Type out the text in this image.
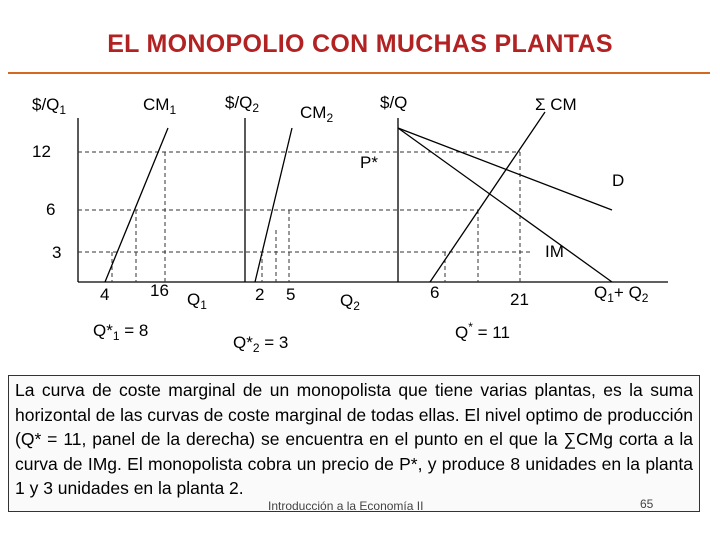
EL MONOPOLIO CON MUCHAS PLANTAS
$\$/Q_1$	$CM_1$
4 16 $Q_1$
$Q*_1 = 8$
$\$/Q_2$ $CM_2$
2 5	$Q_2$
$Q*_2 = 3$
$/Q	Σ CM
P*
D
IM
6	21	$Q_1+ Q_2$
Q* = 11
12
6
3
La curva de coste marginal de un monopolista que tiene varias plantas, es la suma horizontal de las curvas de coste marginal de todas ellas. El nivel optimo de producción (Q* = 11, panel de la derecha) se encuentra en el punto en el que la ∑CMg corta a la curva de IMg. El monopolista cobra un precio de P*, y produce 8 unidades en la planta 1 y 3 unidades en la planta 2.
Introducción a la Economía II	65
